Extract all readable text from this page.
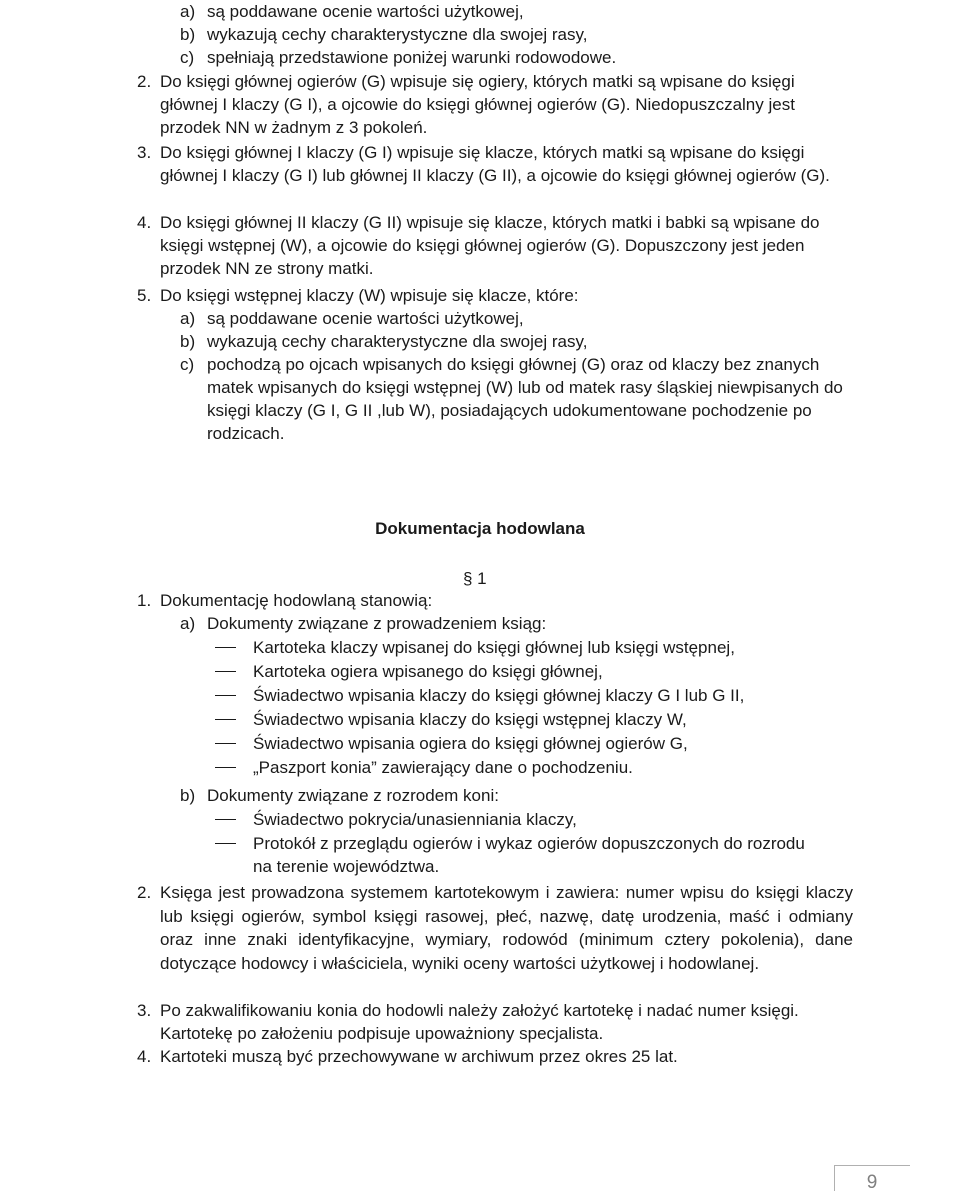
a) są poddawane ocenie wartości użytkowej,

b) wykazują cechy charakterystyczne dla swojej rasy,

c) spełniają przedstawione poniżej warunki rodowodowe.

2. Do księgi głównej ogierów (G) wpisuje się ogiery, których matki są wpisane do księgi głównej I klaczy (G I), a ojcowie do księgi głównej ogierów (G). Niedopuszczalny jest przodek NN w żadnym z 3 pokoleń.

3. Do księgi głównej I klaczy (G I) wpisuje się klacze, których matki są wpisane do księgi głównej I klaczy (G I) lub głównej II klaczy (G II), a ojcowie do księgi głównej ogierów (G).

4. Do księgi głównej II klaczy (G II) wpisuje się klacze, których matki i babki są wpisane do księgi wstępnej (W), a ojcowie do księgi głównej ogierów (G). Dopuszczony jest jeden przodek NN ze strony matki.

5. Do księgi wstępnej klaczy (W) wpisuje się klacze, które:

a) są poddawane ocenie wartości użytkowej,

b) wykazują cechy charakterystyczne dla swojej rasy,

c) pochodzą po ojcach wpisanych do księgi głównej (G) oraz od klaczy bez znanych matek wpisanych do księgi wstępnej (W) lub od matek rasy śląskiej niewpisanych do księgi klaczy (G I, G II ,lub W), posiadających udokumentowane pochodzenie po rodzicach.

Dokumentacja hodowlana
§ 1

1. Dokumentację hodowlaną stanowią:

a) Dokumenty związane z prowadzeniem ksiąg:

Kartoteka klaczy wpisanej do księgi głównej lub księgi wstępnej,

Kartoteka ogiera wpisanego do księgi głównej,

Świadectwo wpisania klaczy do księgi głównej klaczy G I lub G II,

Świadectwo wpisania klaczy do księgi wstępnej klaczy W,

Świadectwo wpisania ogiera do księgi głównej ogierów G,

„Paszport konia” zawierający dane o pochodzeniu.

b) Dokumenty związane z rozrodem koni:

Świadectwo pokrycia/unasienniania klaczy,

Protokół z przeglądu ogierów i wykaz ogierów dopuszczonych do rozrodu na terenie województwa.

2. Księga jest prowadzona systemem kartotekowym i zawiera: numer wpisu do księgi klaczy lub księgi ogierów, symbol księgi rasowej, płeć, nazwę, datę urodzenia, maść i odmiany oraz inne znaki identyfikacyjne, wymiary, rodowód (minimum cztery pokolenia), dane dotyczące hodowcy i właściciela, wyniki oceny wartości użytkowej i hodowlanej.

3. Po zakwalifikowaniu konia do hodowli należy założyć kartotekę i nadać numer księgi. Kartotekę po założeniu podpisuje upoważniony specjalista.

4. Kartoteki muszą być przechowywane w archiwum przez okres 25 lat.

9
